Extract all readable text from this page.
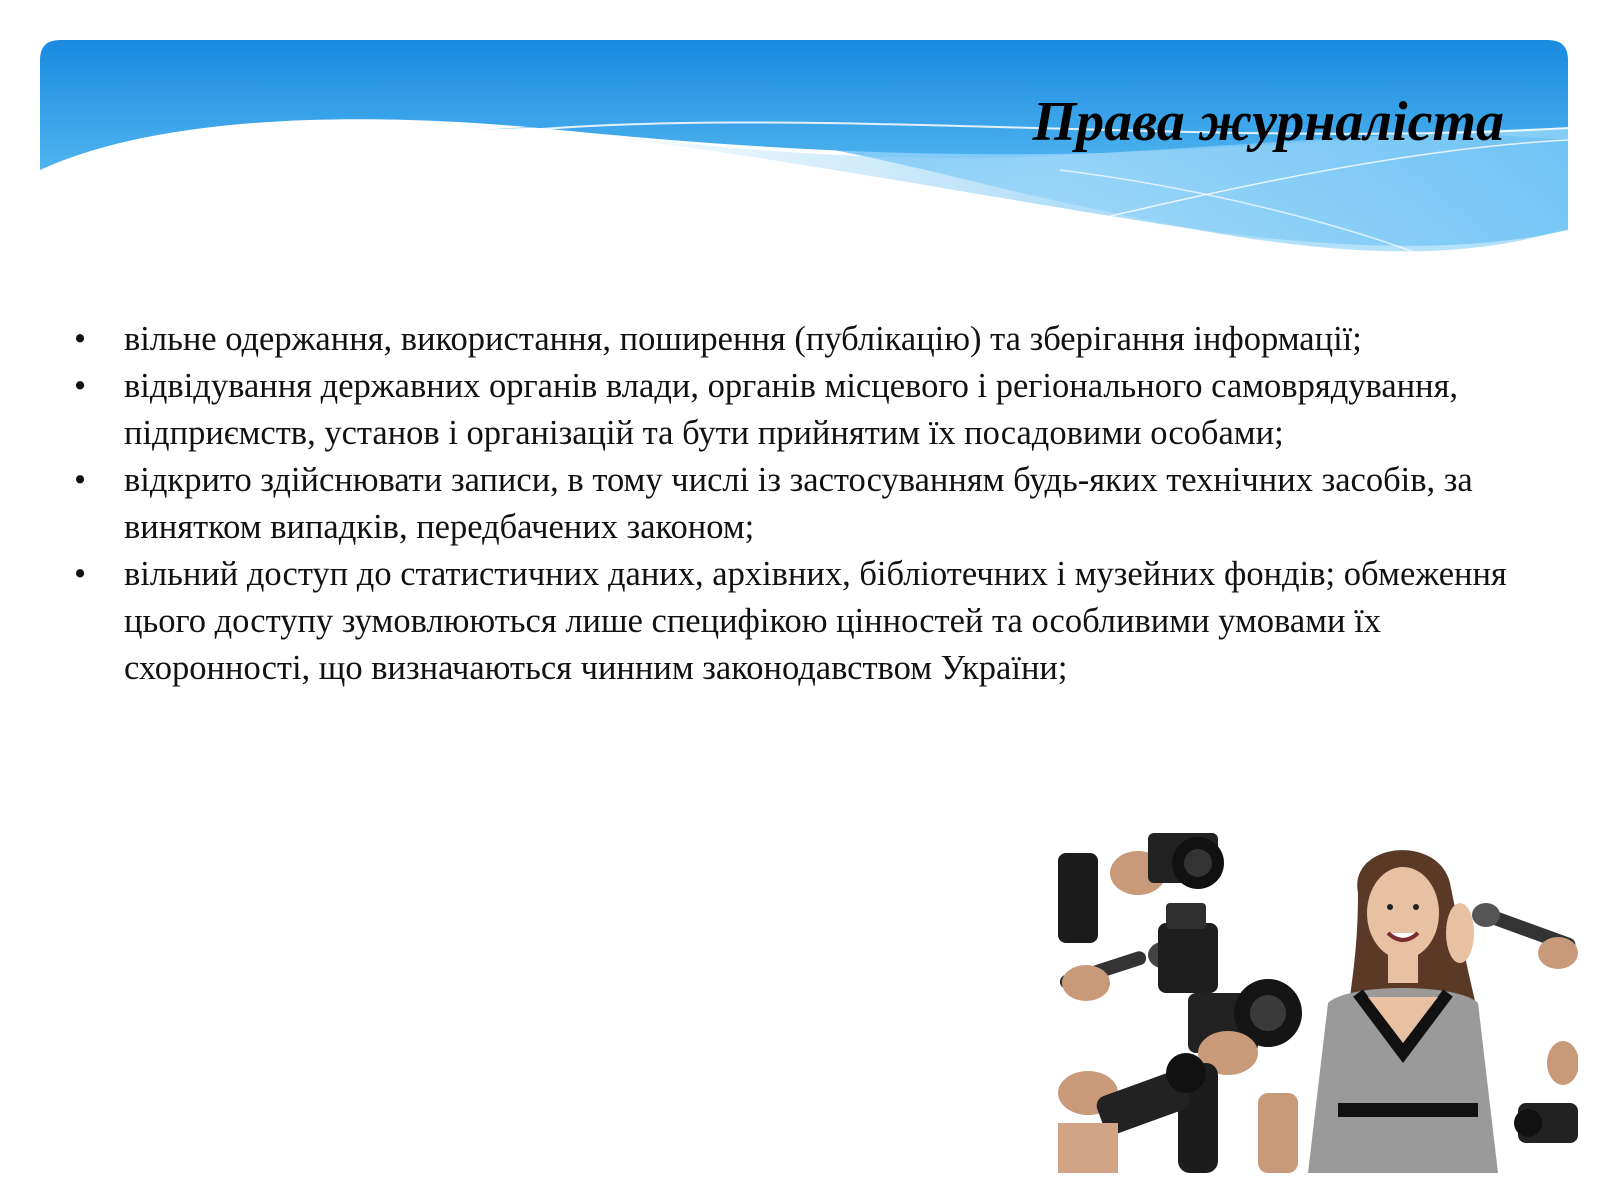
Права журналіста
• вільне одержання, використання, поширення (публікацію) та зберігання інформації;
• відвідування державних органів влади, органів місцевого і регіонального самоврядування, підприємств, установ і організацій та бути прийнятим їх посадовими особами;
• відкрито здійснювати записи, в тому числі із застосуванням будь-яких технічних засобів, за винятком випадків, передбачених законом;
• вільний доступ до статистичних даних, архівних, бібліотечних і музейних фондів; обмеження цього доступу зумовлюються лише специфікою цінностей та особливими умовами їх схоронності, що визначаються чинним законодавством України;
